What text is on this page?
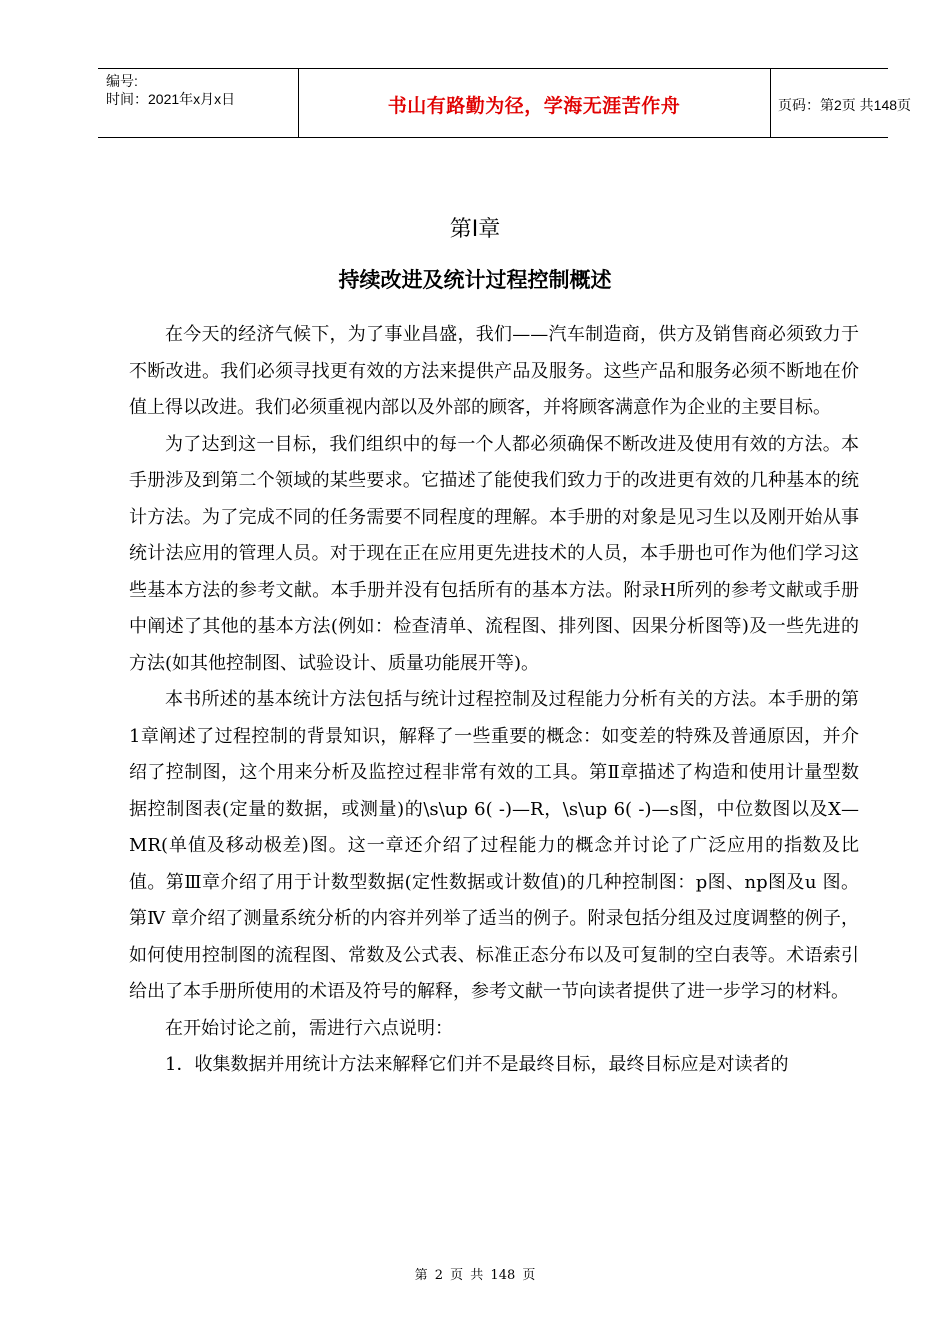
编号:
时间：2021年x月x日	书山有路勤为径，学海无涯苦作舟	页码：第2页 共148页
第Ⅰ章
持续改进及统计过程控制概述

在今天的经济气候下，为了事业昌盛，我们——汽车制造商，供方及销售商必须致力于不断改进。我们必须寻找更有效的方法来提供产品及服务。这些产品和服务必须不断地在价值上得以改进。我们必须重视内部以及外部的顾客，并将顾客满意作为企业的主要目标。

为了达到这一目标，我们组织中的每一个人都必须确保不断改进及使用有效的方法。本手册涉及到第二个领域的某些要求。它描述了能使我们致力于的改进更有效的几种基本的统计方法。为了完成不同的任务需要不同程度的理解。本手册的对象是见习生以及刚开始从事统计法应用的管理人员。对于现在正在应用更先进技术的人员，本手册也可作为他们学习这些基本方法的参考文献。本手册并没有包括所有的基本方法。附录H所列的参考文献或手册中阐述了其他的基本方法(例如：检查清单、流程图、排列图、因果分析图等)及一些先进的方法(如其他控制图、试验设计、质量功能展开等)。

本书所述的基本统计方法包括与统计过程控制及过程能力分析有关的方法。本手册的第1章阐述了过程控制的背景知识，解释了一些重要的概念：如变差的特殊及普通原因，并介绍了控制图，这个用来分析及监控过程非常有效的工具。第Ⅱ章描述了构造和使用计量型数据控制图表(定量的数据，或测量)的\s\up 6( -)—R，\s\up 6( -)—s图，中位数图以及X—MR(单值及移动极差)图。这一章还介绍了过程能力的概念并讨论了广泛应用的指数及比值。第Ⅲ章介绍了用于计数型数据(定性数据或计数值)的几种控制图：p图、np图及u 图。第Ⅳ 章介绍了测量系统分析的内容并列举了适当的例子。附录包括分组及过度调整的例子，如何使用控制图的流程图、常数及公式表、标准正态分布以及可复制的空白表等。术语索引给出了本手册所使用的术语及符号的解释，参考文献一节向读者提供了进一步学习的材料。

在开始讨论之前，需进行六点说明：

1．收集数据并用统计方法来解释它们并不是最终目标，最终目标应是对读者的

第 2 页 共 148 页
